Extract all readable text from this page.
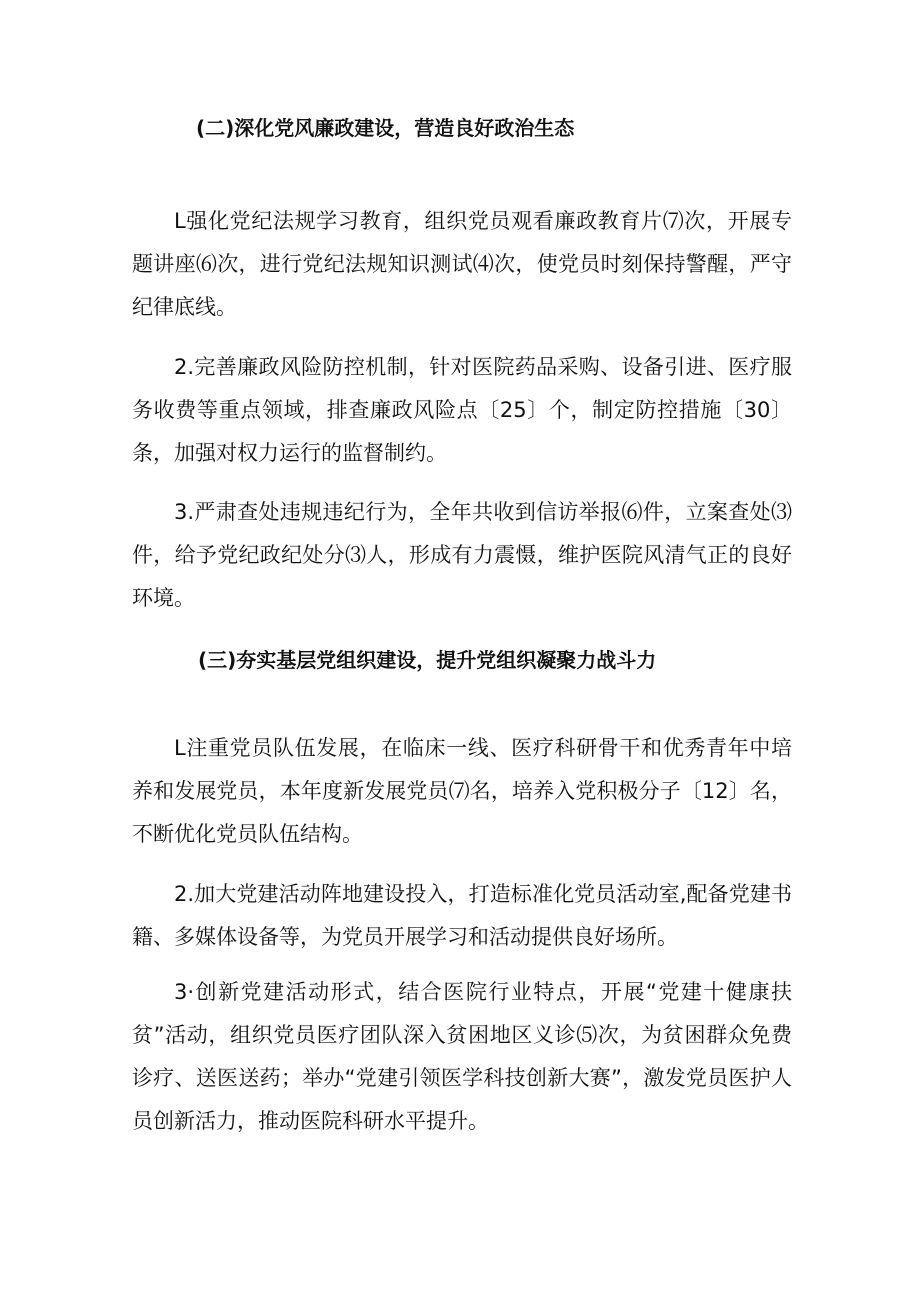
(二)深化党风廉政建设，营造良好政治生态

L强化党纪法规学习教育，组织党员观看廉政教育片⑺次，开展专题讲座⑹次，进行党纪法规知识测试⑷次，使党员时刻保持警醒，严守纪律底线。

2.完善廉政风险防控机制，针对医院药品采购、设备引进、医疗服务收费等重点领域，排查廉政风险点〔25〕个，制定防控措施〔30〕条，加强对权力运行的监督制约。

3.严肃查处违规违纪行为，全年共收到信访举报⑹件，立案查处⑶件，给予党纪政纪处分⑶人，形成有力震慑，维护医院风清气正的良好环境。

(三)夯实基层党组织建设，提升党组织凝聚力战斗力

L注重党员队伍发展，在临床一线、医疗科研骨干和优秀青年中培养和发展党员，本年度新发展党员⑺名，培养入党积极分子〔12〕名，不断优化党员队伍结构。

2.加大党建活动阵地建设投入，打造标准化党员活动室,配备党建书籍、多媒体设备等，为党员开展学习和活动提供良好场所。

3·创新党建活动形式，结合医院行业特点，开展“党建十健康扶贫”活动，组织党员医疗团队深入贫困地区义诊⑸次，为贫困群众免费诊疗、送医送药；举办“党建引领医学科技创新大赛”，激发党员医护人员创新活力，推动医院科研水平提升。
